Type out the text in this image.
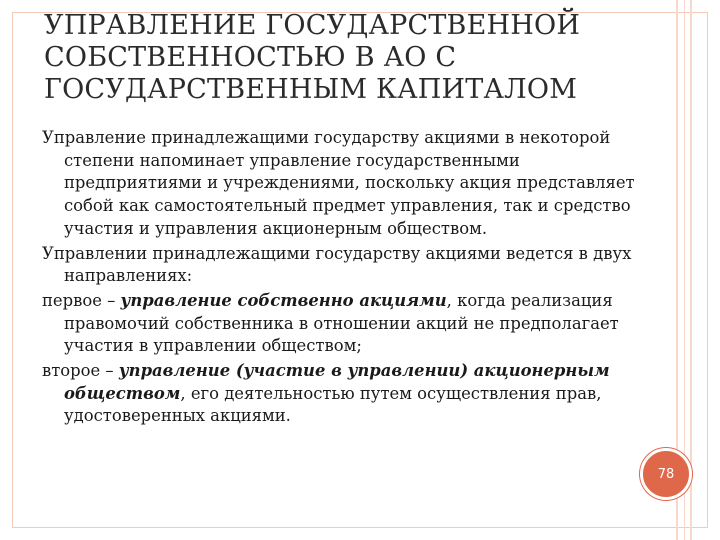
УПРАВЛЕНИЕ ГОСУДАРСТВЕННОЙ СОБСТВЕННОСТЬЮ В АО С ГОСУДАРСТВЕННЫМ КАПИТАЛОМ

Управление принадлежащими государству акциями в некоторой степени напоминает управление государственными предприятиями и учреждениями, поскольку акция представляет собой как самостоятельный предмет управления, так и средство участия и управления акционерным обществом.

Управлении принадлежащими государству акциями ведется в двух направлениях:

первое – управление собственно акциями, когда реализация правомочий собственника в отношении акций не предполагает участия в управлении обществом;

второе – управление (участие в управлении) акционерным обществом, его деятельностью путем осуществления прав, удостоверенных акциями.

78
